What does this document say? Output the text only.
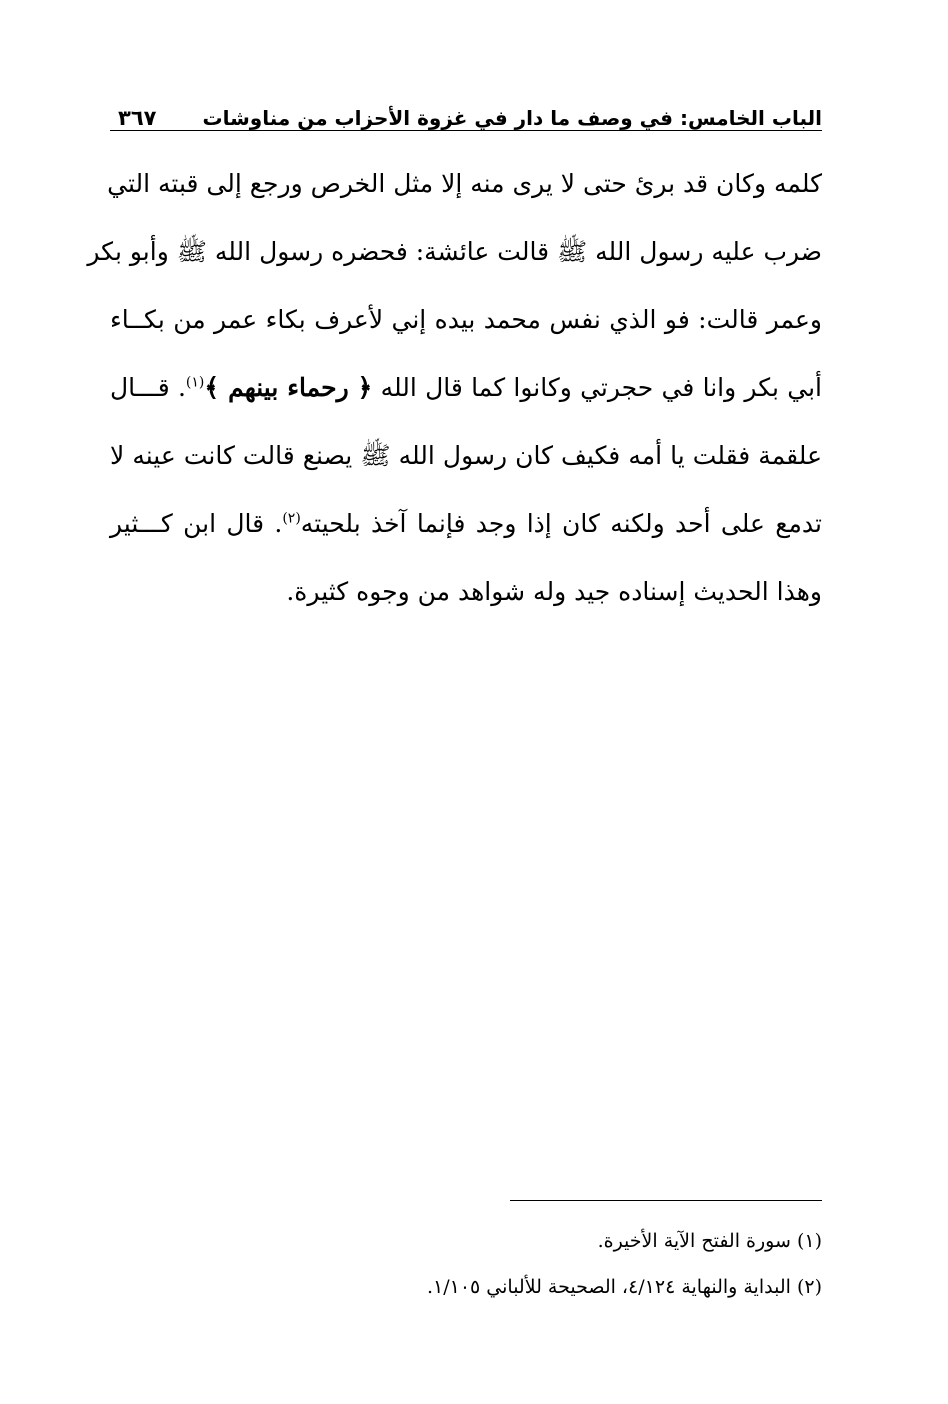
الباب الخامس: في وصف ما دار في غزوة الأحزاب من مناوشات
٣٦٧
كلمه وكان قد برئ حتى لا يرى منه إلا مثل الخرص ورجع إلى قبته التي
ضرب عليه رسول الله ﷺ قالت عائشة: فحضره رسول الله ﷺ وأبو بكر
وعمر قالت: فو الذي نفس محمد بيده إني لأعرف بكاء عمر من بكــاء
أبي بكر وانا في حجرتي وكانوا كما قال الله ﴿ رحماء بينهم ﴾$^{(١)}$. قـــال
علقمة فقلت يا أمه فكيف كان رسول الله ﷺ يصنع قالت كانت عينه لا
تدمع على أحد ولكنه كان إذا وجد فإنما آخذ بلحيته$^{(٢)}$. قال ابن كـــثير
وهذا الحديث إسناده جيد وله شواهد من وجوه كثيرة.
(١) سورة الفتح الآية الأخيرة.
(٢) البداية والنهاية ٤/١٢٤، الصحيحة للألباني ١/١٠٥.
